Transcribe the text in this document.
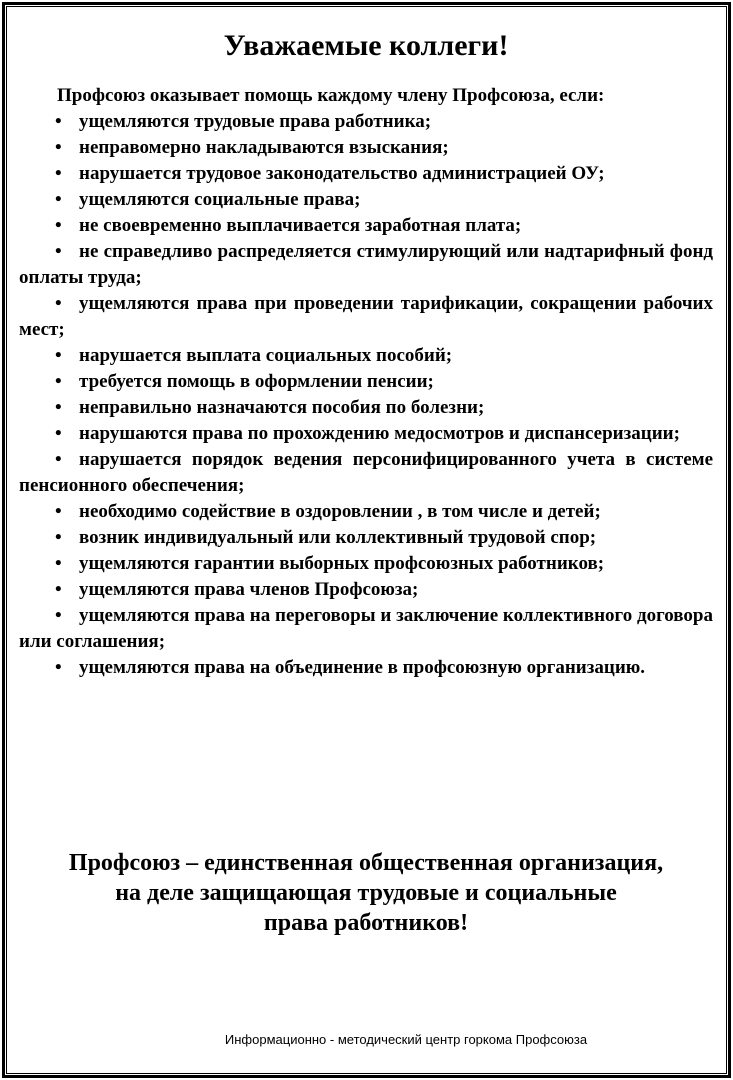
Уважаемые коллеги!

Профсоюз оказывает помощь каждому члену Профсоюза, если:

• ущемляются трудовые права работника;
• неправомерно накладываются взыскания;
• нарушается трудовое законодательство администрацией ОУ;
• ущемляются социальные права;
• не своевременно выплачивается заработная плата;
• не справедливо распределяется стимулирующий или надтарифный фонд оплаты труда;
• ущемляются права при проведении тарификации, сокращении рабочих мест;
• нарушается выплата социальных пособий;
• требуется помощь в оформлении пенсии;
• неправильно назначаются пособия по болезни;
• нарушаются права по прохождению медосмотров и диспансеризации;
• нарушается порядок ведения персонифицированного учета в системе пенсионного обеспечения;
• необходимо содействие в оздоровлении , в том числе и детей;
• возник индивидуальный или коллективный трудовой спор;
• ущемляются гарантии выборных профсоюзных работников;
• ущемляются права членов Профсоюза;
• ущемляются права на переговоры и заключение коллективного договора или соглашения;
• ущемляются права на объединение в профсоюзную организацию.
Профсоюз – единственная общественная организация,
на деле защищающая трудовые и социальные
права работников!
Информационно - методический центр горкома Профсоюза
